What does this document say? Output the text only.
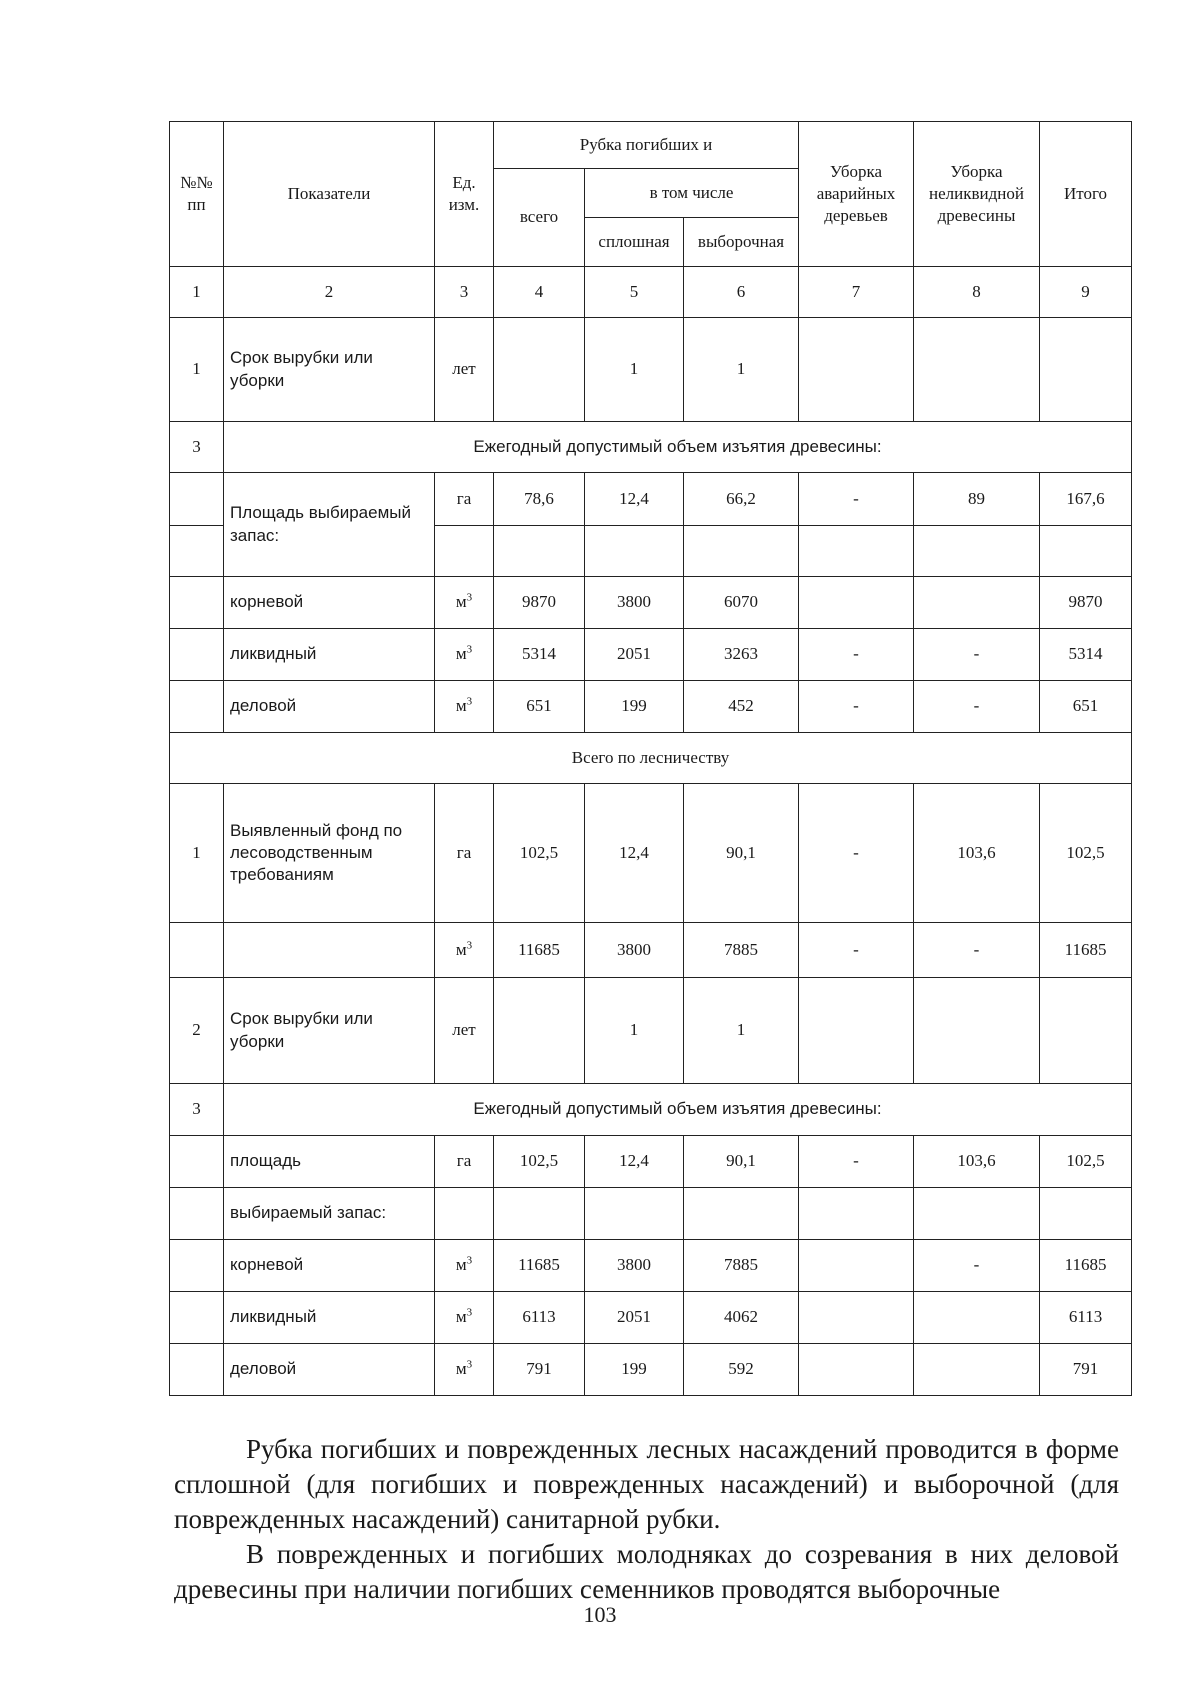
№№ пп	Показатели	Ед. изм.	Рубка погибших и			Уборка аварийных деревьев	Уборка неликвидной древесины	Итого
			всего	в том числе				
				сплошная	выборочная			
1	2	3	4	5	6	7	8	9
1	Срок вырубки или уборки	лет		1	1			
3	Ежегодный допустимый объем изъятия древесины:							
	Площадь выбираемый запас:	га	78,6	12,4	66,2	-	89	167,6

	корневой	$м^3$	9870	3800	6070			9870
	ликвидный	$м^3$	5314	2051	3263	-	-	5314
	деловой	$м^3$	651	199	452	-	-	651
Всего по лесничеству								
1	Выявленный фонд по лесоводственным требованиям	га	102,5	12,4	90,1	-	103,6	102,5
		$м^3$	11685	3800	7885	-	-	11685
2	Срок вырубки или уборки	лет		1	1			
3	Ежегодный допустимый объем изъятия древесины:							
	площадь	га	102,5	12,4	90,1	-	103,6	102,5
	выбираемый запас:							
	корневой	$м^3$	11685	3800	7885		-	11685
	ликвидный	$м^3$	6113	2051	4062			6113
	деловой	$м^3$	791	199	592			791

Рубка погибших и поврежденных лесных насаждений проводится в форме сплошной (для погибших и поврежденных насаждений) и выборочной (для поврежденных насаждений) санитарной рубки.

В поврежденных и погибших молодняках до созревания в них деловой древесины при наличии погибших семенников проводятся выборочные

103
